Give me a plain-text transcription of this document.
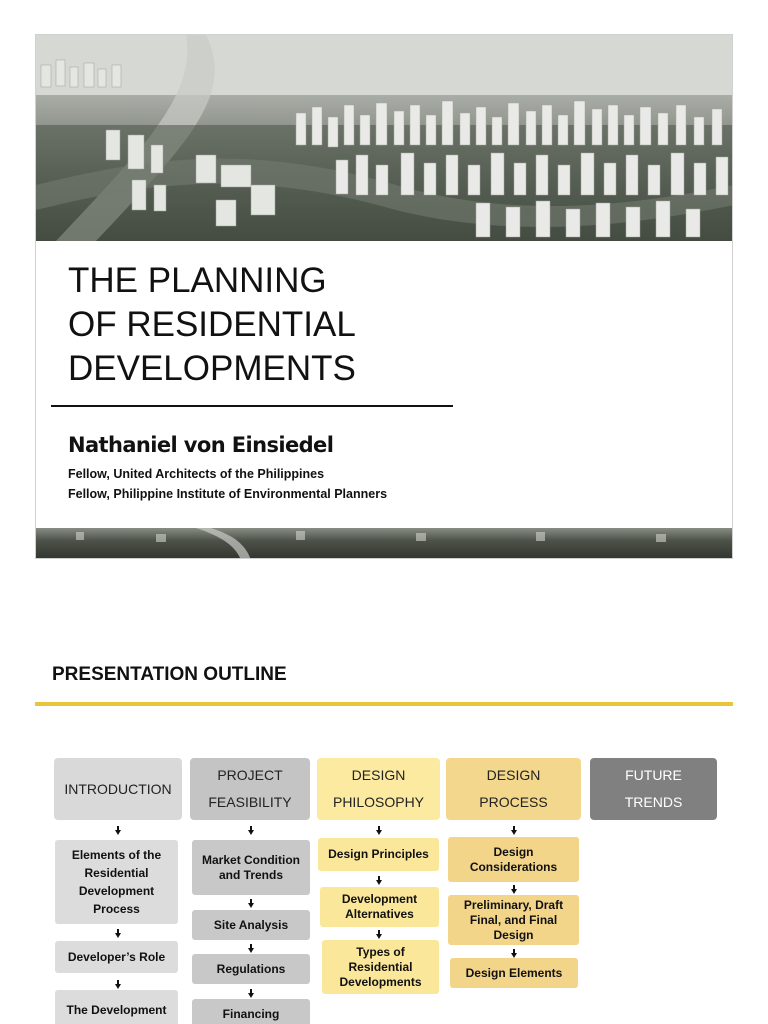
THE PLANNING
OF RESIDENTIAL
DEVELOPMENTS
Nathaniel von Einsiedel
Fellow, United Architects of the Philippines
Fellow, Philippine Institute of Environmental Planners
PRESENTATION OUTLINE
INTRODUCTION
PROJECT
FEASIBILITY
DESIGN
PHILOSOPHY
DESIGN
PROCESS
FUTURE
TRENDS
Elements of the Residential Development Process
Developer’s Role
The Development
Market Condition and Trends
Site Analysis
Regulations
Financing
Design Principles
Development Alternatives
Types of Residential Developments
Design Considerations
Preliminary, Draft Final, and Final Design
Design Elements
